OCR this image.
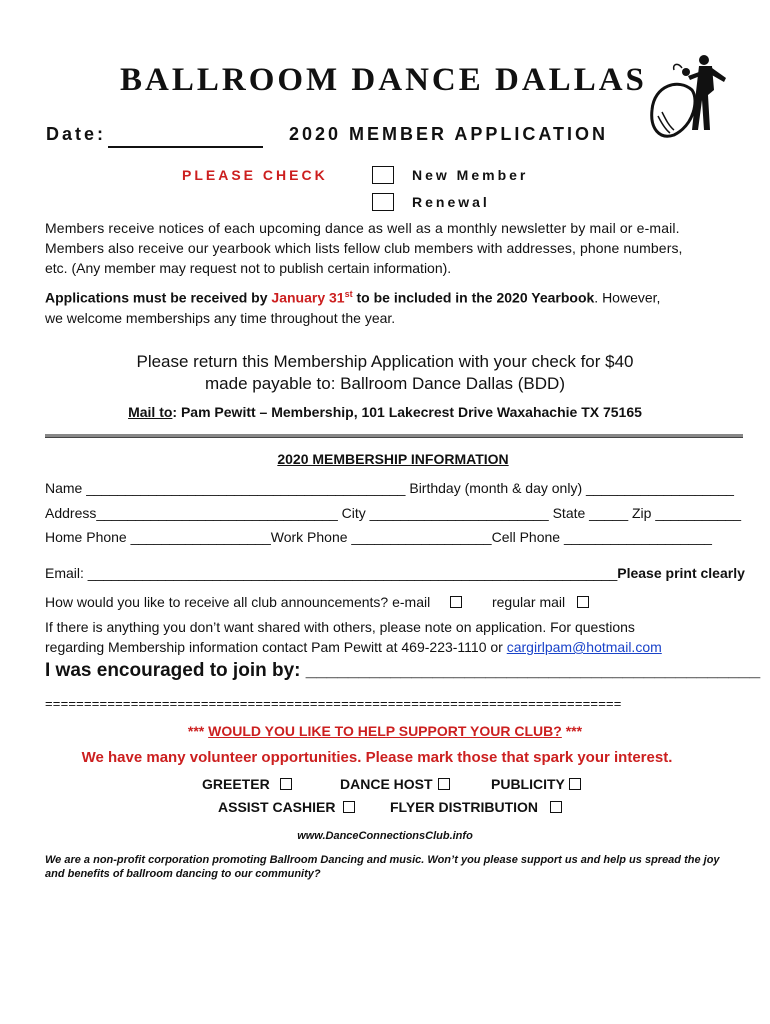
BALLROOM DANCE DALLAS
Date:	2020 MEMBER APPLICATION
PLEASE CHECK	New Member
Renewal
Members receive notices of each upcoming dance as well as a monthly newsletter by mail or e-mail.
Members also receive our yearbook which lists fellow club members with addresses, phone numbers,
etc. (Any member may request not to publish certain information).
Applications must be received by January 31st to be included in the 2020 Yearbook. However,
we welcome memberships any time throughout the year.
Please return this Membership Application with your check for $40
made payable to: Ballroom Dance Dallas (BDD)
Mail to: Pam Pewitt – Membership, 101 Lakecrest Drive Waxahachie TX 75165
2020 MEMBERSHIP INFORMATION
Name _________________________________________ Birthday (month & day only) ___________________
Address_______________________________ City _______________________ State _____ Zip ___________
Home Phone __________________Work Phone __________________Cell Phone ___________________
Email: ____________________________________________________________________Please print clearly
How would you like to receive all club announcements? e-mail	regular mail
If there is anything you don’t want shared with others, please note on application. For questions
regarding Membership information contact Pam Pewitt at 469-223-1110 or cargirlpam@hotmail.com
I was encouraged to join by: ___________________________________________
==========================================================================
*** WOULD YOU LIKE TO HELP SUPPORT YOUR CLUB? ***
We have many volunteer opportunities. Please mark those that spark your interest.
GREETER	DANCE HOST	PUBLICITY
ASSIST CASHIER	FLYER DISTRIBUTION
www.DanceConnectionsClub.info
We are a non-profit corporation promoting Ballroom Dancing and music. Won’t you please support us and help us spread the joy and benefits of ballroom dancing to our community?
